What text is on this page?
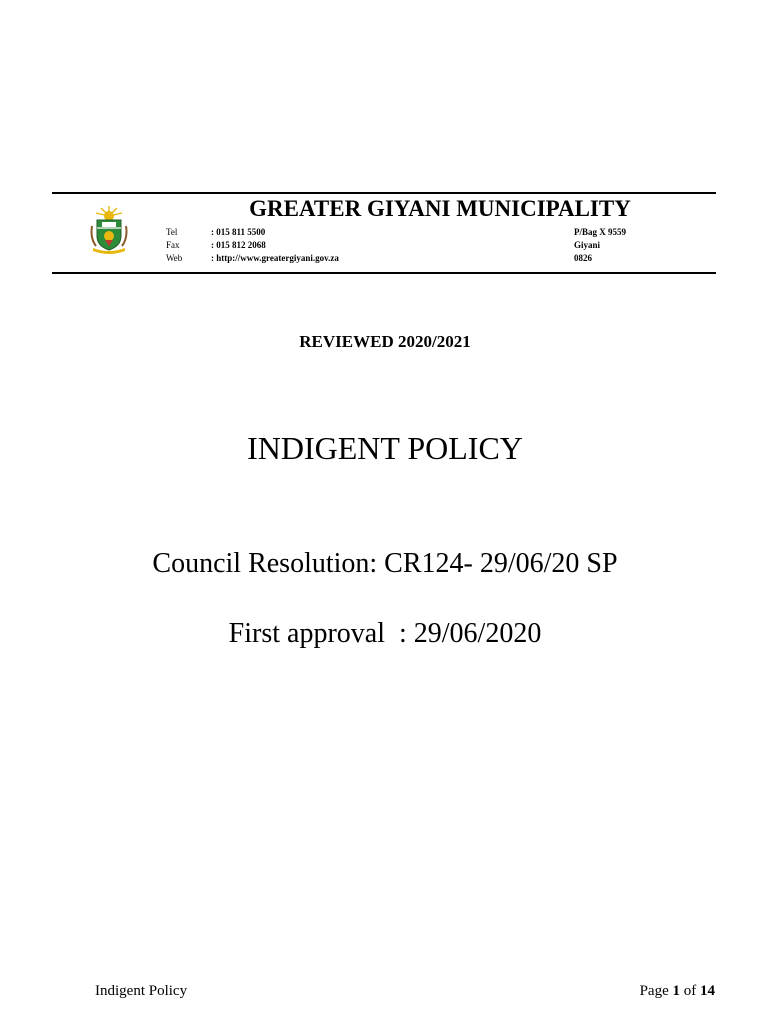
GREATER GIYANI MUNICIPALITY
Tel
Fax
Web
: 015 811 5500
: 015 812 2068
: http://www.greatergiyani.gov.za
P/Bag X 9559
Giyani
0826
REVIEWED 2020/2021
INDIGENT POLICY
Council Resolution: CR124- 29/06/20 SP
First approval  : 29/06/2020
Indigent Policy	Page 1 of 14
